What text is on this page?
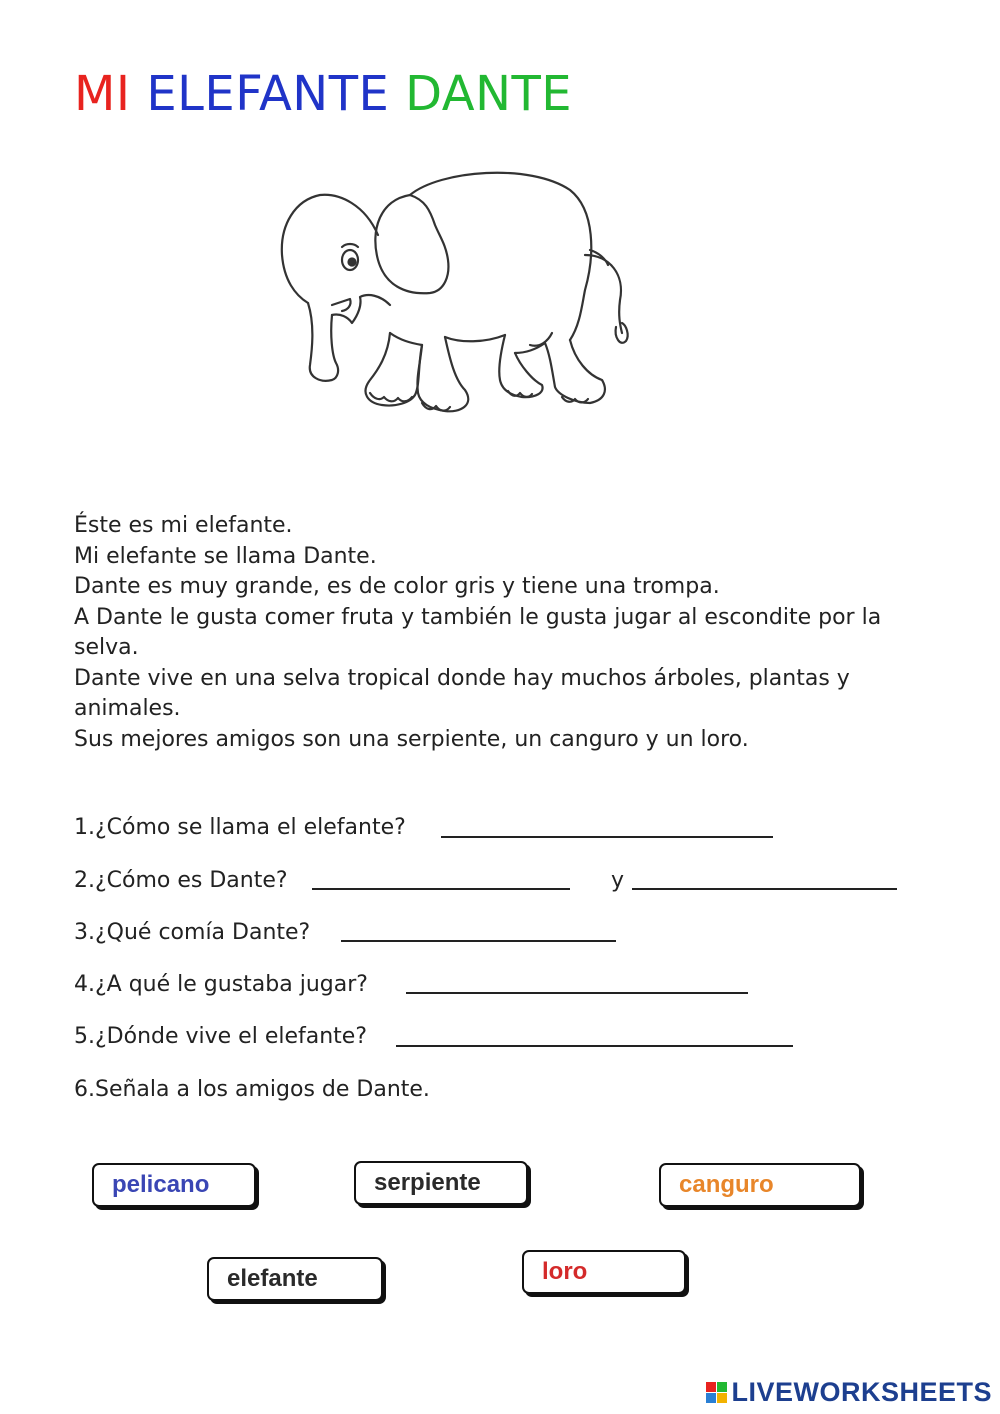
MI ELEFANTE DANTE

Éste es mi elefante.

Mi elefante se llama Dante.

Dante es muy grande, es de color gris y tiene una trompa.

A Dante le gusta comer fruta y también le gusta jugar al escondite por la selva.

Dante vive en una selva tropical donde hay muchos árboles, plantas y animales.

Sus mejores amigos son una serpiente, un canguro y un loro.

1.¿Cómo se llama el elefante?
2.¿Cómo es Dante?	y
3.¿Qué comía Dante?
4.¿A qué le gustaba jugar?
5.¿Dónde vive el elefante?
6.Señala a los amigos de Dante.
pelicano	serpiente	canguro
elefante	loro
LIVEWORKSHEETS
